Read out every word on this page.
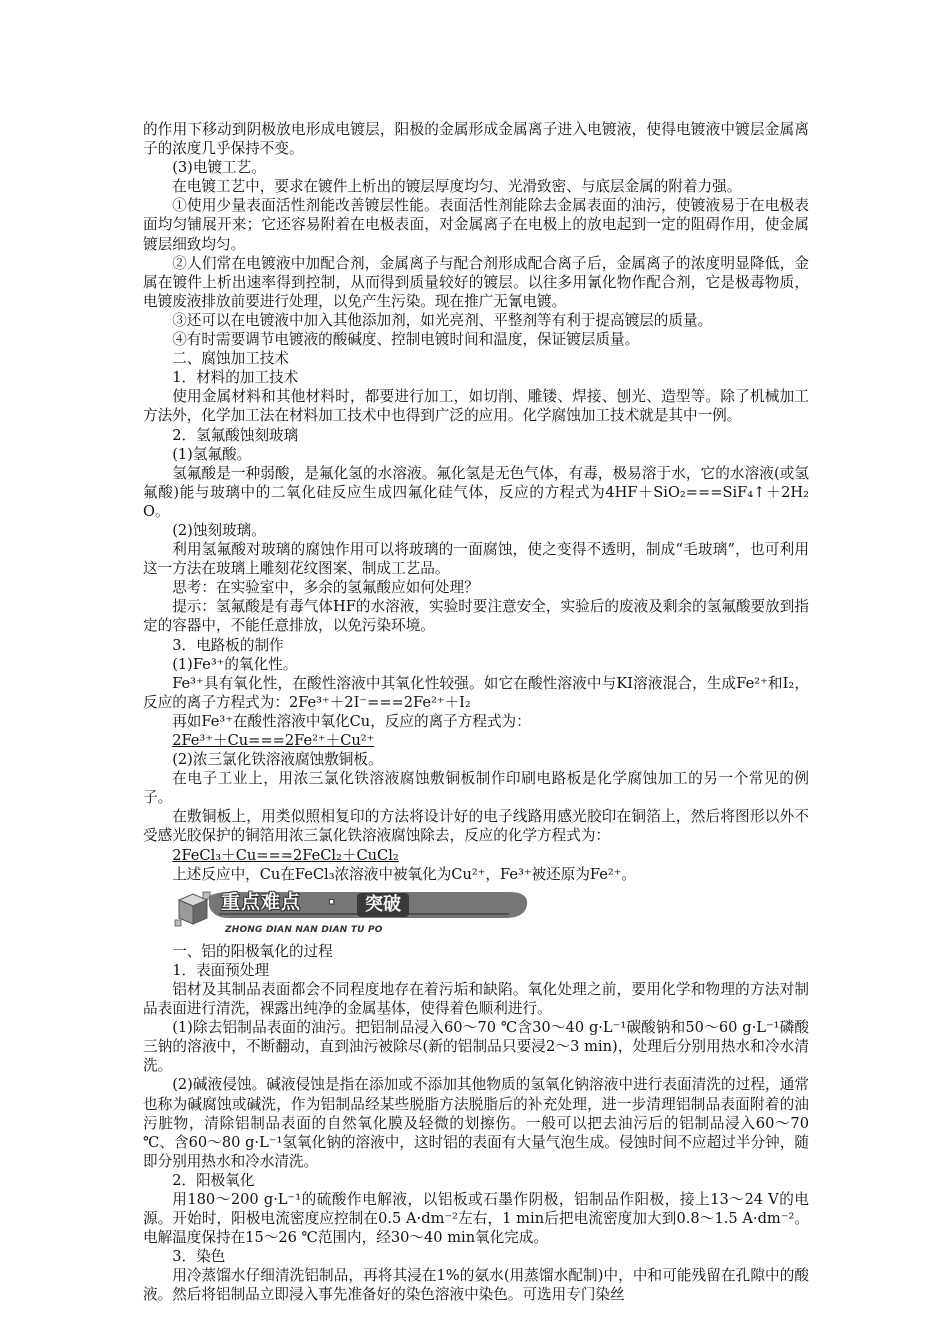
的作用下移动到阴极放电形成电镀层，阳极的金属形成金属离子进入电镀液，使得电镀液中镀层金属离子的浓度几乎保持不变。

(3)电镀工艺。

在电镀工艺中，要求在镀件上析出的镀层厚度均匀、光滑致密、与底层金属的附着力强。

①使用少量表面活性剂能改善镀层性能。表面活性剂能除去金属表面的油污，使镀液易于在电极表面均匀铺展开来；它还容易附着在电极表面，对金属离子在电极上的放电起到一定的阻碍作用，使金属镀层细致均匀。

②人们常在电镀液中加配合剂，金属离子与配合剂形成配合离子后，金属离子的浓度明显降低，金属在镀件上析出速率得到控制，从而得到质量较好的镀层。以往多用氰化物作配合剂，它是极毒物质，电镀废液排放前要进行处理，以免产生污染。现在推广无氰电镀。

③还可以在电镀液中加入其他添加剂，如光亮剂、平整剂等有利于提高镀层的质量。

④有时需要调节电镀液的酸碱度、控制电镀时间和温度，保证镀层质量。

二、腐蚀加工技术

1．材料的加工技术

使用金属材料和其他材料时，都要进行加工，如切削、雕镂、焊接、刨光、造型等。除了机械加工方法外，化学加工法在材料加工技术中也得到广泛的应用。化学腐蚀加工技术就是其中一例。

2．氢氟酸蚀刻玻璃

(1)氢氟酸。

氢氟酸是一种弱酸，是氟化氢的水溶液。氟化氢是无色气体，有毒，极易溶于水，它的水溶液(或氢氟酸)能与玻璃中的二氧化硅反应生成四氟化硅气体，反应的方程式为4HF＋SiO₂===SiF₄↑＋2H₂O。

(2)蚀刻玻璃。

利用氢氟酸对玻璃的腐蚀作用可以将玻璃的一面腐蚀，使之变得不透明，制成“毛玻璃”，也可利用这一方法在玻璃上雕刻花纹图案、制成工艺品。

思考：在实验室中，多余的氢氟酸应如何处理？

提示：氢氟酸是有毒气体HF的水溶液，实验时要注意安全，实验后的废液及剩余的氢氟酸要放到指定的容器中，不能任意排放，以免污染环境。

3．电路板的制作

(1)Fe³⁺的氧化性。

Fe³⁺具有氧化性，在酸性溶液中其氧化性较强。如它在酸性溶液中与KI溶液混合，生成Fe²⁺和I₂，反应的离子方程式为：2Fe³⁺＋2I⁻===2Fe²⁺＋I₂

再如Fe³⁺在酸性溶液中氧化Cu，反应的离子方程式为：

2Fe³⁺＋Cu===2Fe²⁺＋Cu²⁺

(2)浓三氯化铁溶液腐蚀敷铜板。

在电子工业上，用浓三氯化铁溶液腐蚀敷铜板制作印刷电路板是化学腐蚀加工的另一个常见的例子。

在敷铜板上，用类似照相复印的方法将设计好的电子线路用感光胶印在铜箔上，然后将图形以外不受感光胶保护的铜箔用浓三氯化铁溶液腐蚀除去，反应的化学方程式为：

2FeCl₃＋Cu===2FeCl₂＋CuCl₂

上述反应中，Cu在FeCl₃浓溶液中被氧化为Cu²⁺，Fe³⁺被还原为Fe²⁺。

重点难点 ·	突破
ZHONG DIAN NAN DIAN TU PO

一、铝的阳极氧化的过程

1．表面预处理

铝材及其制品表面都会不同程度地存在着污垢和缺陷。氧化处理之前，要用化学和物理的方法对制品表面进行清洗，裸露出纯净的金属基体，使得着色顺利进行。

(1)除去铝制品表面的油污。把铝制品浸入60～70 ℃含30～40 g·L⁻¹碳酸钠和50～60 g·L⁻¹磷酸三钠的溶液中，不断翻动，直到油污被除尽(新的铝制品只要浸2～3 min)，处理后分别用热水和冷水清洗。

(2)碱液侵蚀。碱液侵蚀是指在添加或不添加其他物质的氢氧化钠溶液中进行表面清洗的过程，通常也称为碱腐蚀或碱洗，作为铝制品经某些脱脂方法脱脂后的补充处理，进一步清理铝制品表面附着的油污脏物，清除铝制品表面的自然氧化膜及轻微的划擦伤。一般可以把去油污后的铝制品浸入60～70 ℃、含60～80 g·L⁻¹氢氧化钠的溶液中，这时铝的表面有大量气泡生成。侵蚀时间不应超过半分钟，随即分别用热水和冷水清洗。

2．阳极氧化

用180～200 g·L⁻¹的硫酸作电解液，以铝板或石墨作阴极，铝制品作阳极，接上13～24 V的电源。开始时，阳极电流密度应控制在0.5 A·dm⁻²左右，1 min后把电流密度加大到0.8～1.5 A·dm⁻²。电解温度保持在15～26 ℃范围内，经30～40 min氧化完成。

3．染色

用冷蒸馏水仔细清洗铝制品，再将其浸在1%的氨水(用蒸馏水配制)中，中和可能残留在孔隙中的酸液。然后将铝制品立即浸入事先准备好的染色溶液中染色。可选用专门染丝
